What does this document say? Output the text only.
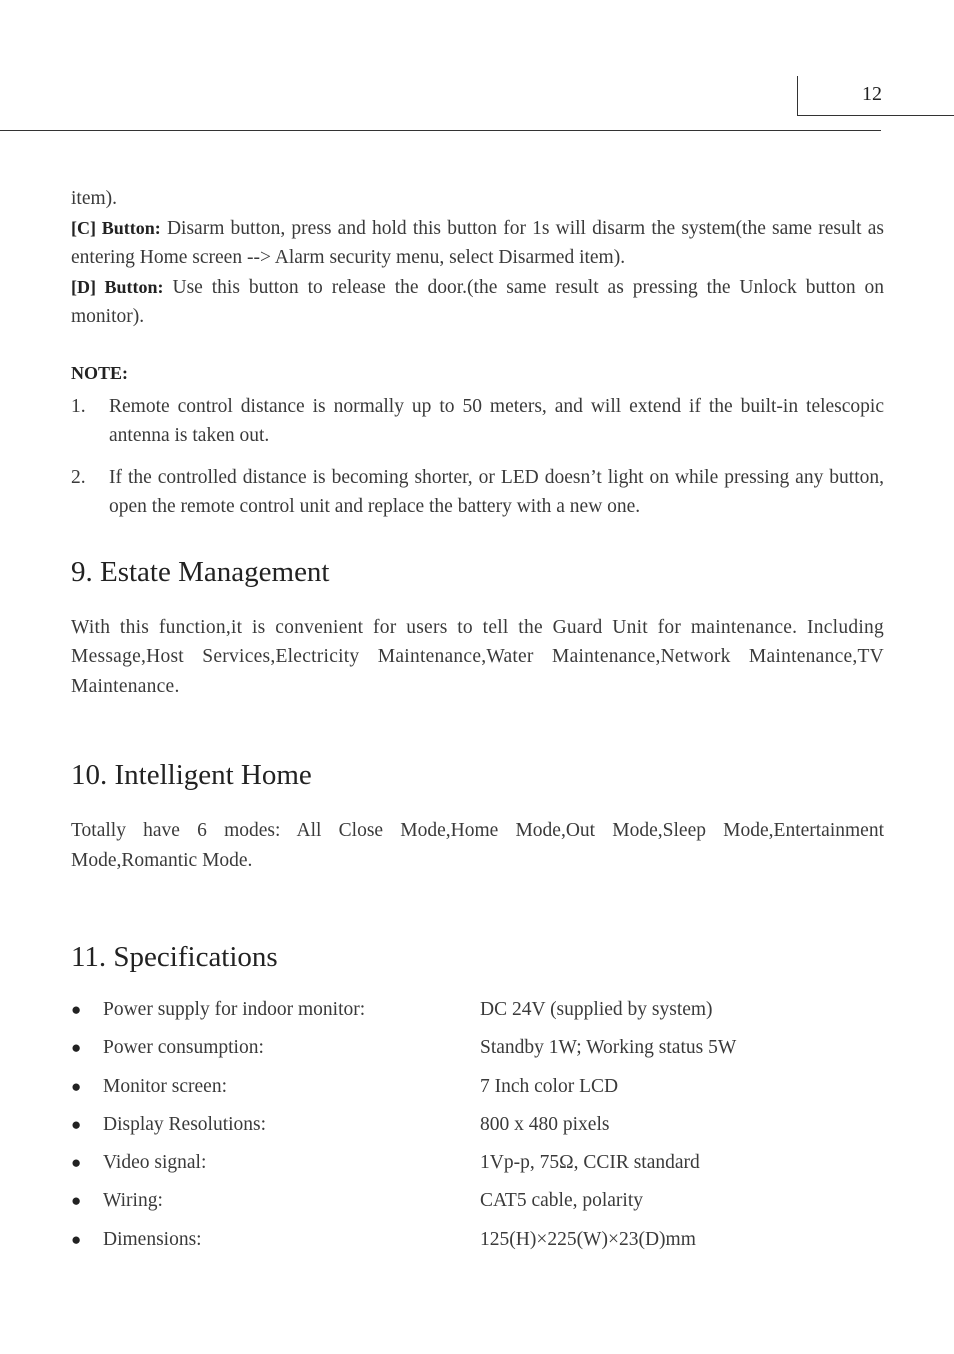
12

item).

[C] Button: Disarm button, press and hold this button for 1s will disarm the system(the same result as entering Home screen --> Alarm security menu, select Disarmed item).

[D] Button: Use this button to release the door.(the same result as pressing the Unlock button on monitor).

NOTE:

1. Remote control distance is normally up to 50 meters, and will extend if the built-in telescopic antenna is taken out.
2. If the controlled distance is becoming shorter, or LED doesn’t light on while pressing any button, open the remote control unit and replace the battery with a new one.
9. Estate Management

With this function,it is convenient for users to tell the Guard Unit for maintenance. Including Message,Host Services,Electricity Maintenance,Water Maintenance,Network Maintenance,TV Maintenance.

10. Intelligent Home

Totally have 6 modes: All Close Mode,Home Mode,Out Mode,Sleep Mode,Entertainment Mode,Romantic Mode.

11. Specifications
● Power supply for indoor monitor:	DC 24V (supplied by system)
● Power consumption:	Standby 1W; Working status 5W
● Monitor screen:	7 Inch color LCD
● Display Resolutions:	800 x 480 pixels
● Video signal:	1Vp-p, 75Ω, CCIR standard
● Wiring:	CAT5 cable, polarity
● Dimensions:	125(H)×225(W)×23(D)mm
